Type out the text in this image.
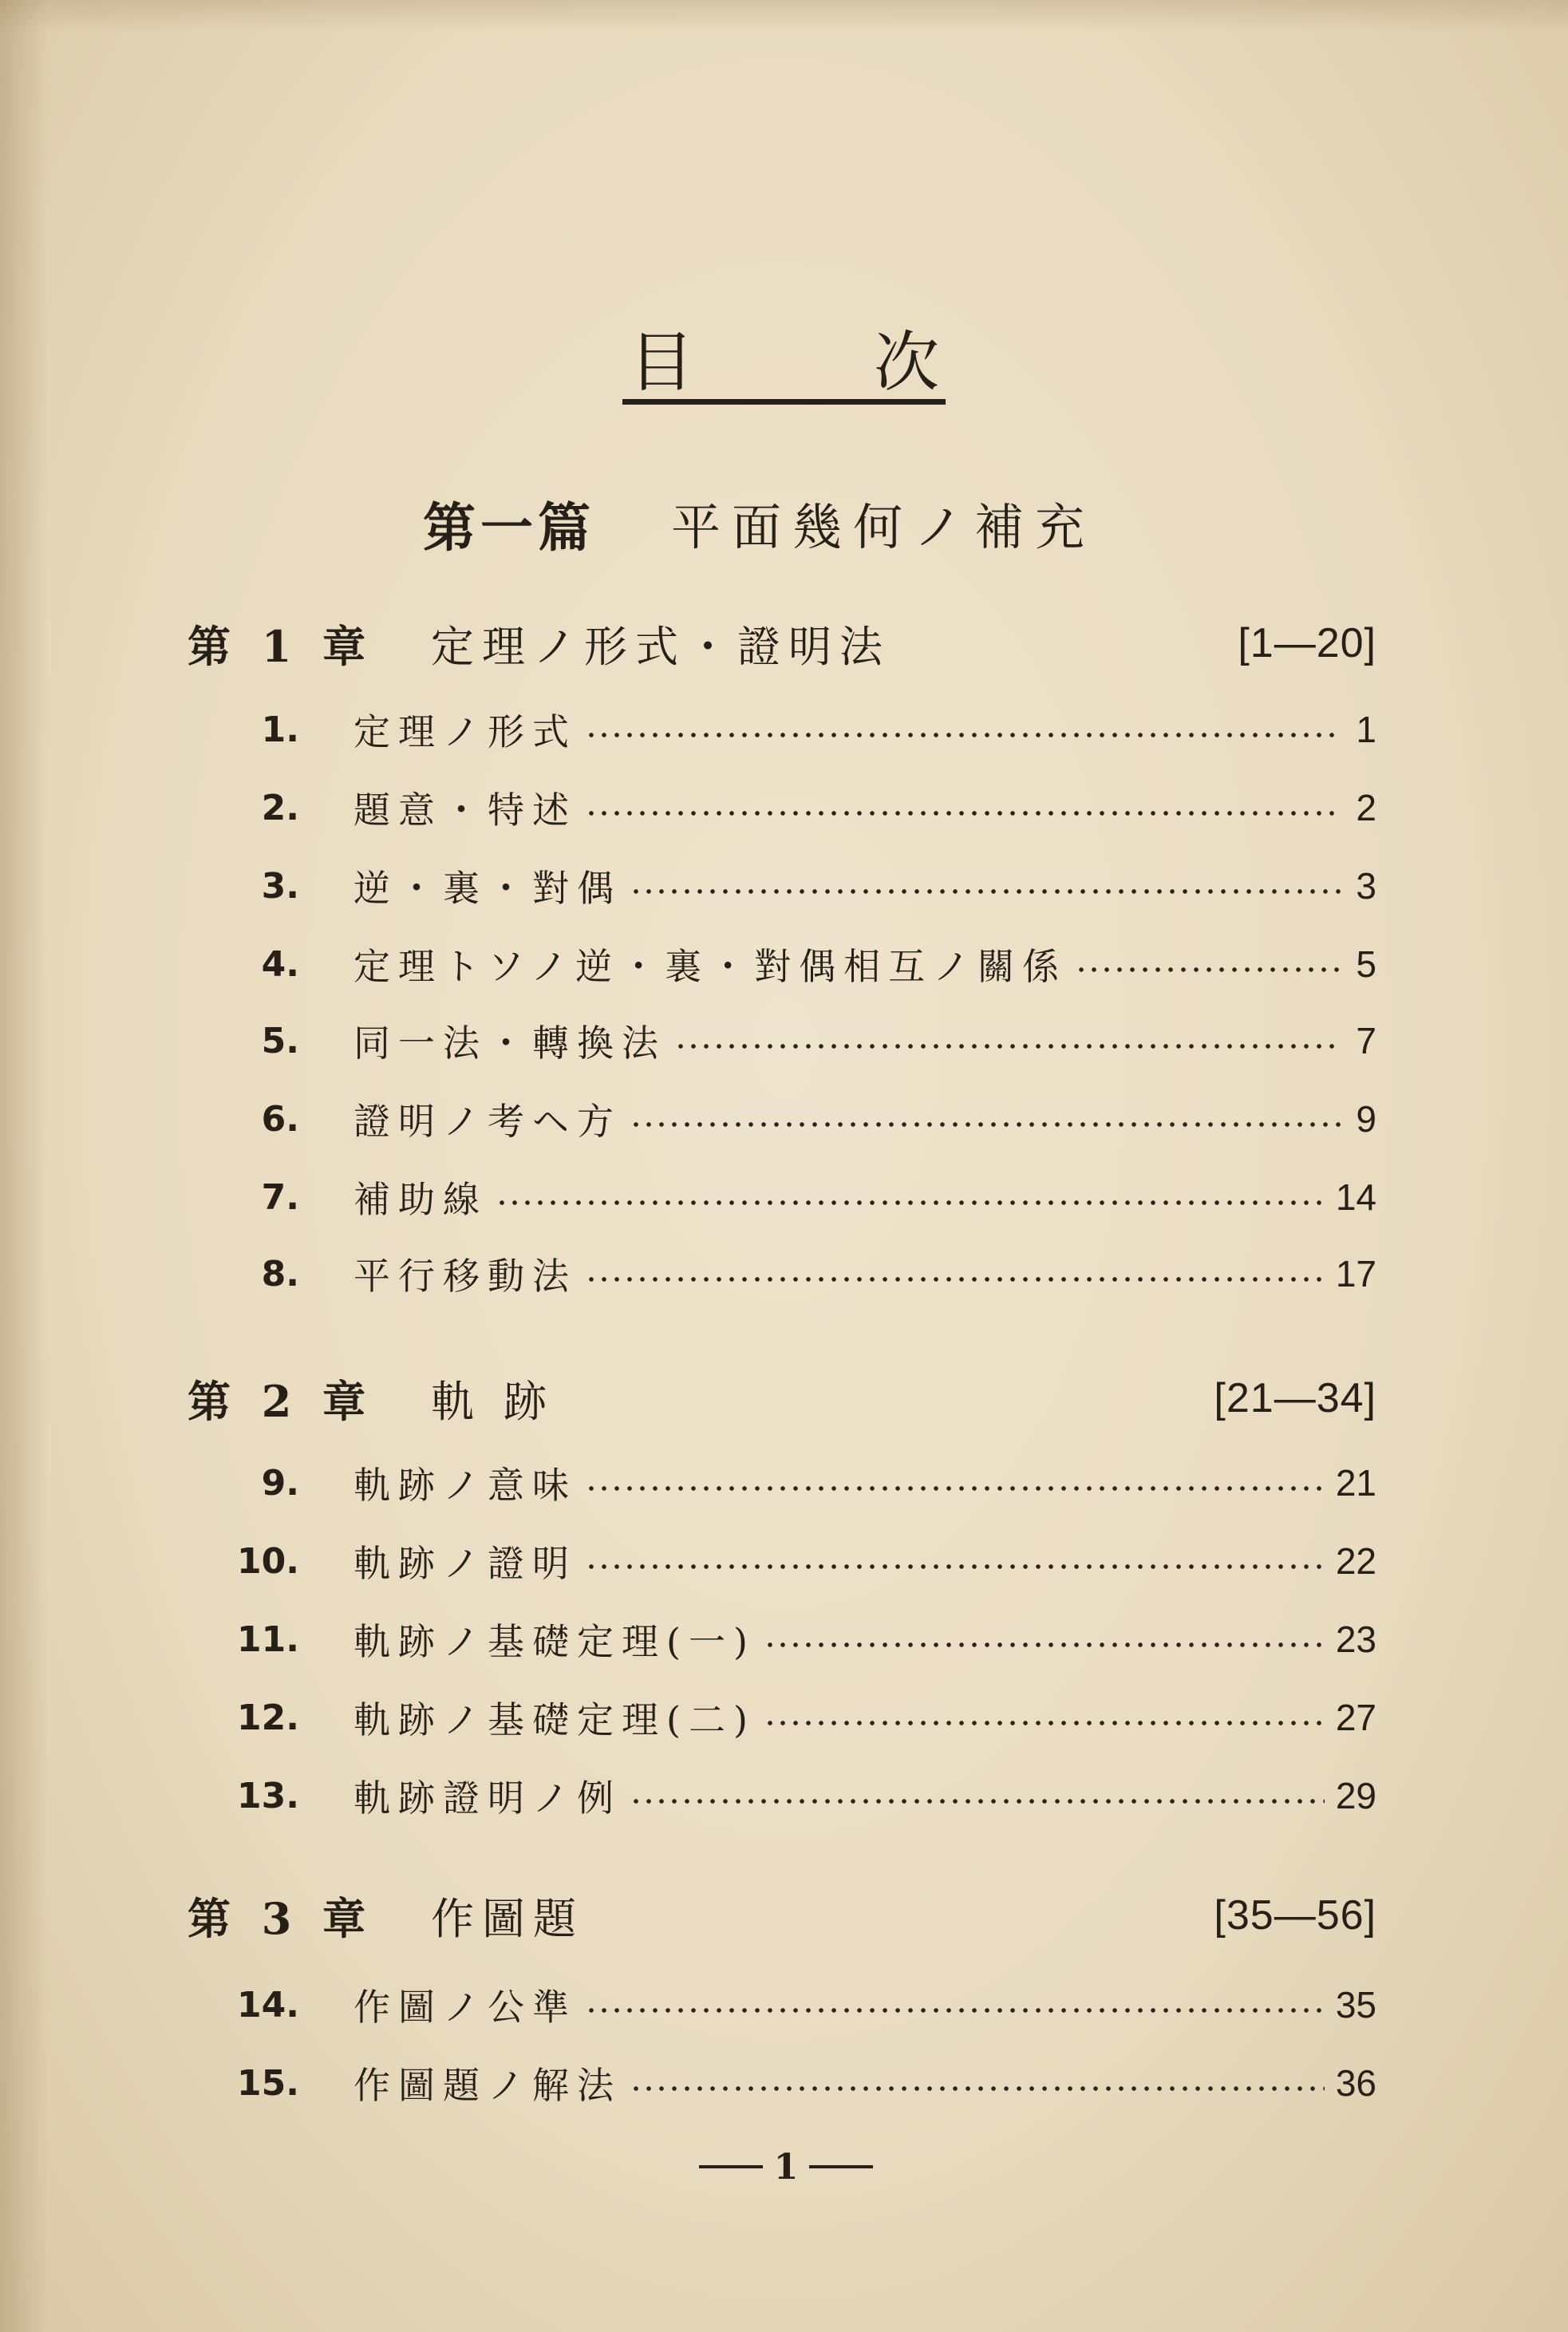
目	次
第一篇 平面幾何ノ補充
第 1 章	定理ノ形式・證明法	[1—20]
1. 定理ノ形式	1
2. 題意・特述	2
3. 逆・裏・對偶	3
4. 定理トソノ逆・裏・對偶相互ノ關係	5
5. 同一法・轉換法	7
6. 證明ノ考ヘ方	9
7. 補助線	14
8. 平行移動法	17
第 2 章	軌 跡	[21—34]
9. 軌跡ノ意味	21
10. 軌跡ノ證明	22
11. 軌跡ノ基礎定理(一)	23
12. 軌跡ノ基礎定理(二)	27
13. 軌跡證明ノ例	29
第 3 章	作圖題	[35—56]
14. 作圖ノ公準	35
15. 作圖題ノ解法	36
1
